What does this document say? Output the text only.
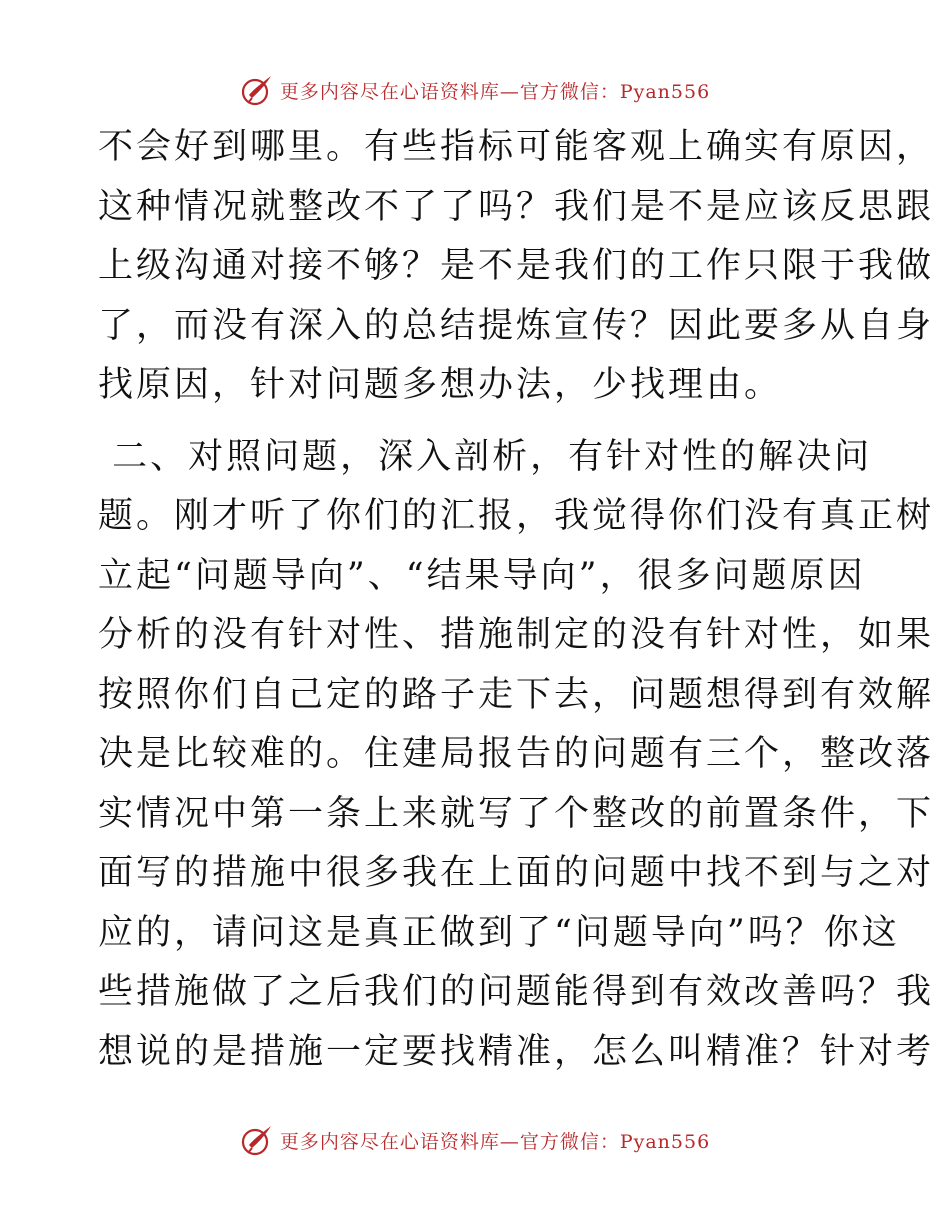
更多内容尽在心语资料库—官方微信：Pyan556

不会好到哪里。有些指标可能客观上确实有原因，
这种情况就整改不了了吗？我们是不是应该反思跟
上级沟通对接不够？是不是我们的工作只限于我做
了，而没有深入的总结提炼宣传？因此要多从自身
找原因，针对问题多想办法，少找理由。

二、对照问题，深入剖析，有针对性的解决问
题。刚才听了你们的汇报，我觉得你们没有真正树
立起“问题导向”、“结果导向”，很多问题原因
分析的没有针对性、措施制定的没有针对性，如果
按照你们自己定的路子走下去，问题想得到有效解
决是比较难的。住建局报告的问题有三个，整改落
实情况中第一条上来就写了个整改的前置条件，下
面写的措施中很多我在上面的问题中找不到与之对
应的，请问这是真正做到了“问题导向”吗？你这
些措施做了之后我们的问题能得到有效改善吗？我
想说的是措施一定要找精准，怎么叫精准？针对考

更多内容尽在心语资料库—官方微信：Pyan556
